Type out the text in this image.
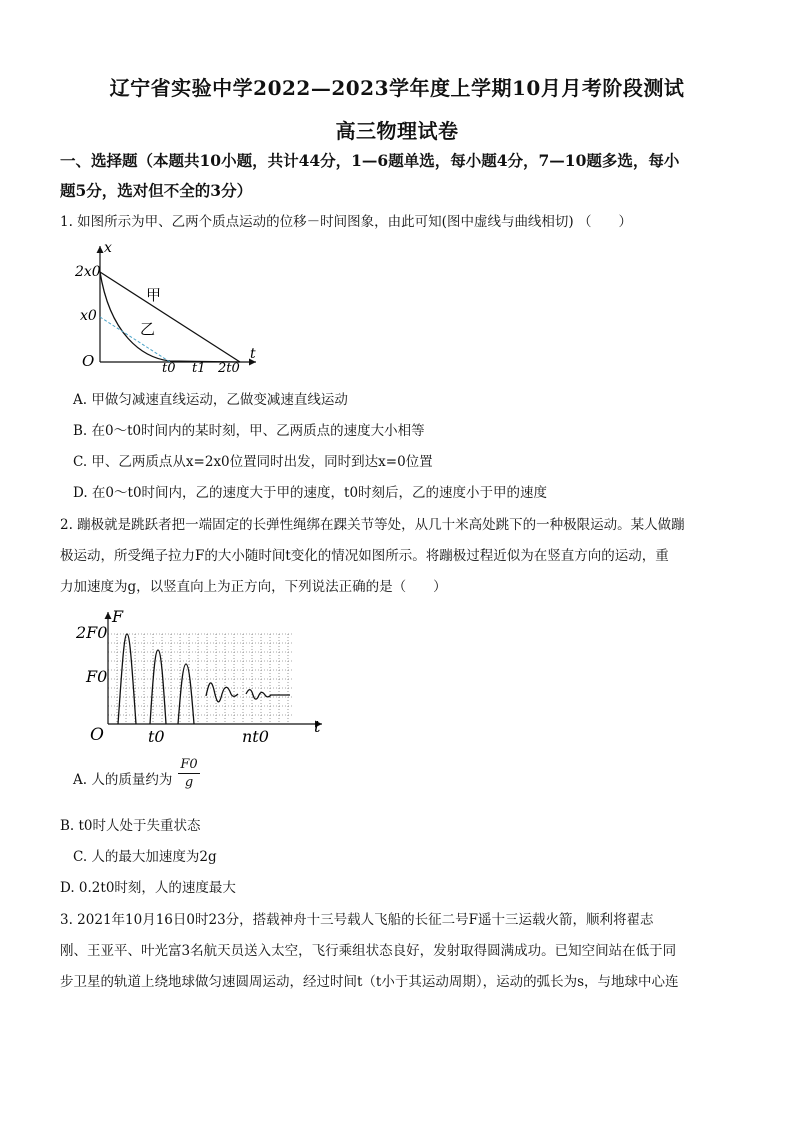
辽宁省实验中学2022—2023学年度上学期10月月考阶段测试
高三物理试卷
一、选择题（本题共10小题，共计44分，1—6题单选，每小题4分，7—10题多选，每小
题5分，选对但不全的3分）
1. 如图所示为甲、乙两个质点运动的位移－时间图象，由此可知(图中虚线与曲线相切) （　　）
x
t
O
2x0
x0
t0 t1 2t0
甲
乙
A. 甲做匀减速直线运动，乙做变减速直线运动
B. 在0～t0时间内的某时刻，甲、乙两质点的速度大小相等
C. 甲、乙两质点从x=2x0位置同时出发，同时到达x=0位置
D. 在0～t0时间内，乙的速度大于甲的速度，t0时刻后，乙的速度小于甲的速度
2. 蹦极就是跳跃者把一端固定的长弹性绳绑在踝关节等处，从几十米高处跳下的一种极限运动。某人做蹦
极运动，所受绳子拉力F的大小随时间t变化的情况如图所示。将蹦极过程近似为在竖直方向的运动，重
力加速度为g，以竖直向上为正方向，下列说法正确的是（　　）
F
t
O
2F0
F0
t0	nt0
A. 人的质量约为 $\frac{F0}{g}$
B. t0时人处于失重状态
C. 人的最大加速度为2g
D. 0.2t0时刻，人的速度最大
3. 2021年10月16日0时23分，搭载神舟十三号载人飞船的长征二号F遥十三运载火箭，顺利将翟志
刚、王亚平、叶光富3名航天员送入太空，飞行乘组状态良好，发射取得圆满成功。已知空间站在低于同
步卫星的轨道上绕地球做匀速圆周运动，经过时间t（t小于其运动周期），运动的弧长为s，与地球中心连
